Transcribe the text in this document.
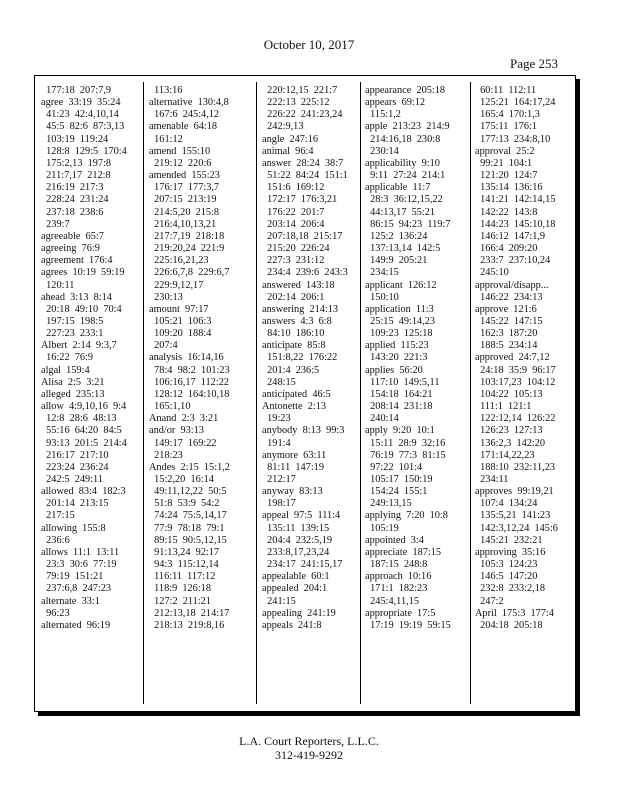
October 10, 2017
Page 253
177:18  207:7,9
agree  33:19  35:24
41:23  42:4,10,14
45:5  82:6  87:3,13
103:19  119:24
128:8  129:5  170:4
175:2,13  197:8
211:7,17  212:8
216:19  217:3
228:24  231:24
237:18  238:6
239:7
agreeable  65:7
agreeing  76:9
agreement  176:4
agrees  10:19  59:19
120:11
ahead  3:13  8:14
20:18  49:10  70:4
197:15  198:5
227:23  233:1
Albert  2:14  9:3,7
16:22  76:9
algal  159:4
Alisa  2:5  3:21
alleged  235:13
allow  4:9,10,16  9:4
12:8  28:6  48:13
55:16  64:20  84:5
93:13  201:5  214:4
216:17  217:10
223:24  236:24
242:5  249:11
allowed  83:4  182:3
201:14  213:15
217:15
allowing  155:8
236:6
allows  11:1  13:11
23:3  30:6  77:19
79:19  151:21
237:6,8  247:23
alternate  33:1
96:23
alternated  96:19
113:16
alternative  130:4,8
167:6  245:4,12
amenable  64:18
161:12
amend  155:10
219:12  220:6
amended  155:23
176:17  177:3,7
207:15  213:19
214:5,20  215:8
216:4,10,13,21
217:7,19  218:18
219:20,24  221:9
225:16,21,23
226:6,7,8  229:6,7
229:9,12,17
230:13
amount  97:17
105:21  106:3
109:20  188:4
207:4
analysis  16:14,16
78:4  98:2  101:23
106:16,17  112:22
128:12  164:10,18
165:1,10
Anand  2:3  3:21
and/or  93:13
149:17  169:22
218:23
Andes  2:15  15:1,2
15:2,20  16:14
49:11,12,22  50:5
51:8  53:9  54:2
74:24  75:5,14,17
77:9  78:18  79:1
89:15  90:5,12,15
91:13,24  92:17
94:3  115:12,14
116:11  117:12
118:9  126:18
127:2  211:21
212:13,18  214:17
218:13  219:8,16
220:12,15  221:7
222:13  225:12
226:22  241:23,24
242:9,13
angle  247:16
animal  96:4
answer  28:24  38:7
51:22  84:24  151:1
151:6  169:12
172:17  176:3,21
176:22  201:7
203:14  206:4
207:18,18  215:17
215:20  226:24
227:3  231:12
234:4  239:6  243:3
answered  143:18
202:14  206:1
answering  214:13
answers  4:3  6:8
84:10  186:10
anticipate  85:8
151:8,22  176:22
201:4  236:5
248:15
anticipated  46:5
Antonette  2:13
19:23
anybody  8:13  99:3
191:4
anymore  63:11
81:11  147:19
212:17
anyway  83:13
198:17
appeal  97:5  111:4
135:11  139:15
204:4  232:5,19
233:8,17,23,24
234:17  241:15,17
appealable  60:1
appealed  204:1
241:15
appealing  241:19
appeals  241:8
appearance  205:18
appears  69:12
115:1,2
apple  213:23  214:9
214:16,18  230:8
230:14
applicability  9:10
9:11  27:24  214:1
applicable  11:7
28:3  36:12,15,22
44:13,17  55:21
86:15  94:23  119:7
125:2  136:24
137:13,14  142:5
149:9  205:21
234:15
applicant  126:12
150:10
application  11:3
25:15  49:14,23
109:23  125:18
applied  115:23
143:20  221:3
applies  56:20
117:10  149:5,11
154:18  164:21
208:14  231:18
240:14
apply  9:20  10:1
15:11  28:9  32:16
76:19  77:3  81:15
97:22  101:4
105:17  150:19
154:24  155:1
249:13,15
applying  7:20  10:8
105:19
appointed  3:4
appreciate  187:15
187:15  248:8
approach  10:16
171:1  182:23
245:4,11,15
appropriate  17:5
17:19  19:19  59:15
60:11  112:11
125:21  164:17,24
165:4  170:1,3
175:11  176:1
177:13  234:8,10
approval  25:2
99:21  104:1
121:20  124:7
135:14  136:16
141:21  142:14,15
142:22  143:8
144:23  145:10,18
146:12  147:1,9
166:4  209:20
233:7  237:10,24
245:10
approval/disapp...
146:22  234:13
approve  121:6
145:22  147:15
162:3  187:20
188:5  234:14
approved  24:7,12
24:18  35:9  96:17
103:17,23  104:12
104:22  105:13
111:1  121:1
122:12,14  126:22
126:23  127:13
136:2,3  142:20
171:14,22,23
188:10  232:11,23
234:11
approves  99:19,21
107:4  134:24
135:5,21  141:23
142:3,12,24  145:6
145:21  232:21
approving  35:16
105:3  124:23
146:5  147:20
232:8  233:2,18
247:2
April  175:3  177:4
204:18  205:18
L.A. Court Reporters, L.L.C.
312-419-9292
